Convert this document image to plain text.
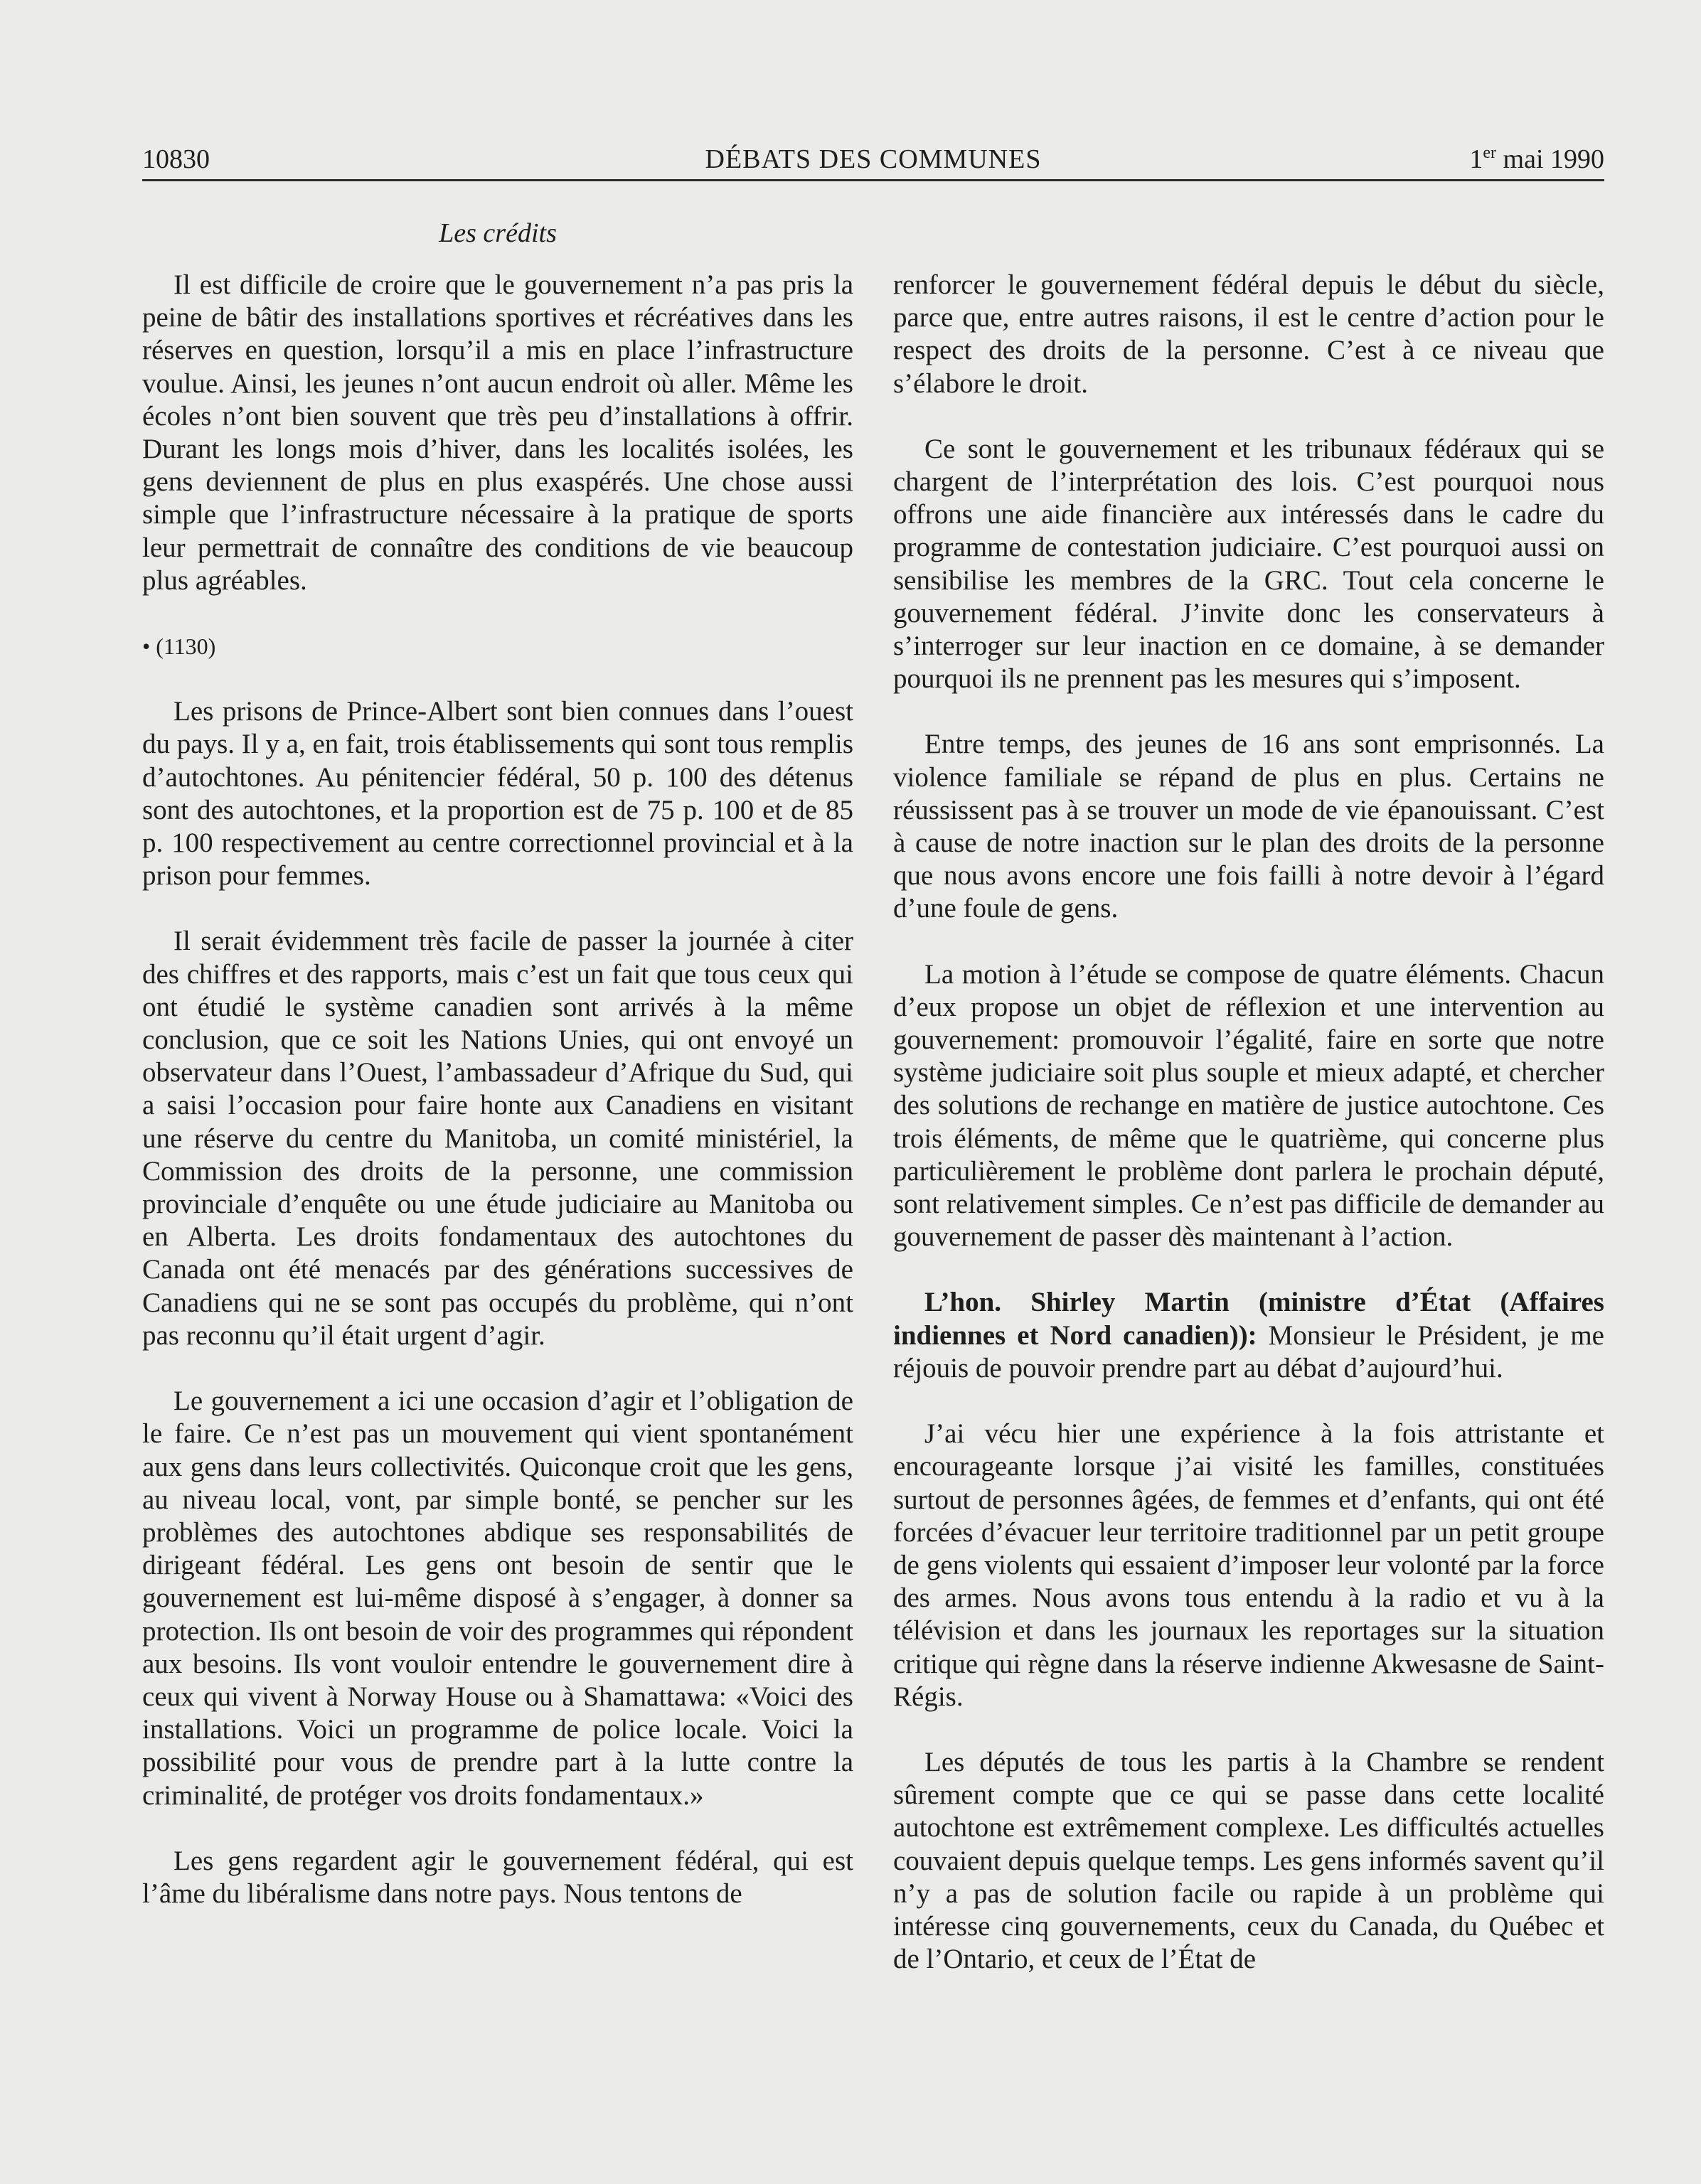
10830	DÉBATS DES COMMUNES	1er mai 1990
Les crédits

Il est difficile de croire que le gouvernement n’a pas pris la peine de bâtir des installations sportives et récréatives dans les réserves en question, lorsqu’il a mis en place l’infrastructure voulue. Ainsi, les jeunes n’ont aucun endroit où aller. Même les écoles n’ont bien souvent que très peu d’installations à offrir. Durant les longs mois d’hiver, dans les localités isolées, les gens deviennent de plus en plus exaspérés. Une chose aussi simple que l’infrastructure nécessaire à la pratique de sports leur permettrait de connaître des conditions de vie beaucoup plus agréables.

• (1130)

Les prisons de Prince-Albert sont bien connues dans l’ouest du pays. Il y a, en fait, trois établissements qui sont tous remplis d’autochtones. Au pénitencier fédéral, 50 p. 100 des détenus sont des autochtones, et la proportion est de 75 p. 100 et de 85 p. 100 respectivement au centre correctionnel provincial et à la prison pour femmes.

Il serait évidemment très facile de passer la journée à citer des chiffres et des rapports, mais c’est un fait que tous ceux qui ont étudié le système canadien sont arrivés à la même conclusion, que ce soit les Nations Unies, qui ont envoyé un observateur dans l’Ouest, l’ambassadeur d’Afrique du Sud, qui a saisi l’occasion pour faire honte aux Canadiens en visitant une réserve du centre du Manitoba, un comité ministériel, la Commission des droits de la personne, une commission provinciale d’enquête ou une étude judiciaire au Manitoba ou en Alberta. Les droits fondamentaux des autochtones du Canada ont été menacés par des générations successives de Canadiens qui ne se sont pas occupés du problème, qui n’ont pas reconnu qu’il était urgent d’agir.

Le gouvernement a ici une occasion d’agir et l’obligation de le faire. Ce n’est pas un mouvement qui vient spontanément aux gens dans leurs collectivités. Quiconque croit que les gens, au niveau local, vont, par simple bonté, se pencher sur les problèmes des autochtones abdique ses responsabilités de dirigeant fédéral. Les gens ont besoin de sentir que le gouvernement est lui-même disposé à s’engager, à donner sa protection. Ils ont besoin de voir des programmes qui répondent aux besoins. Ils vont vouloir entendre le gouvernement dire à ceux qui vivent à Norway House ou à Shamattawa: «Voici des installations. Voici un programme de police locale. Voici la possibilité pour vous de prendre part à la lutte contre la criminalité, de protéger vos droits fondamentaux.»

Les gens regardent agir le gouvernement fédéral, qui est l’âme du libéralisme dans notre pays. Nous tentons de

renforcer le gouvernement fédéral depuis le début du siècle, parce que, entre autres raisons, il est le centre d’action pour le respect des droits de la personne. C’est à ce niveau que s’élabore le droit.

Ce sont le gouvernement et les tribunaux fédéraux qui se chargent de l’interprétation des lois. C’est pourquoi nous offrons une aide financière aux intéressés dans le cadre du programme de contestation judiciaire. C’est pourquoi aussi on sensibilise les membres de la GRC. Tout cela concerne le gouvernement fédéral. J’invite donc les conservateurs à s’interroger sur leur inaction en ce domaine, à se demander pourquoi ils ne prennent pas les mesures qui s’imposent.

Entre temps, des jeunes de 16 ans sont emprisonnés. La violence familiale se répand de plus en plus. Certains ne réussissent pas à se trouver un mode de vie épanouissant. C’est à cause de notre inaction sur le plan des droits de la personne que nous avons encore une fois failli à notre devoir à l’égard d’une foule de gens.

La motion à l’étude se compose de quatre éléments. Chacun d’eux propose un objet de réflexion et une intervention au gouvernement: promouvoir l’égalité, faire en sorte que notre système judiciaire soit plus souple et mieux adapté, et chercher des solutions de rechange en matière de justice autochtone. Ces trois éléments, de même que le quatrième, qui concerne plus particulièrement le problème dont parlera le prochain député, sont relativement simples. Ce n’est pas difficile de demander au gouvernement de passer dès maintenant à l’action.

L’hon. Shirley Martin (ministre d’État (Affaires indiennes et Nord canadien)): Monsieur le Président, je me réjouis de pouvoir prendre part au débat d’aujourd’hui.

J’ai vécu hier une expérience à la fois attristante et encourageante lorsque j’ai visité les familles, constituées surtout de personnes âgées, de femmes et d’enfants, qui ont été forcées d’évacuer leur territoire traditionnel par un petit groupe de gens violents qui essaient d’imposer leur volonté par la force des armes. Nous avons tous entendu à la radio et vu à la télévision et dans les journaux les reportages sur la situation critique qui règne dans la réserve indienne Akwesasne de Saint-Régis.

Les députés de tous les partis à la Chambre se rendent sûrement compte que ce qui se passe dans cette localité autochtone est extrêmement complexe. Les difficultés actuelles couvaient depuis quelque temps. Les gens informés savent qu’il n’y a pas de solution facile ou rapide à un problème qui intéresse cinq gouvernements, ceux du Canada, du Québec et de l’Ontario, et ceux de l’État de
